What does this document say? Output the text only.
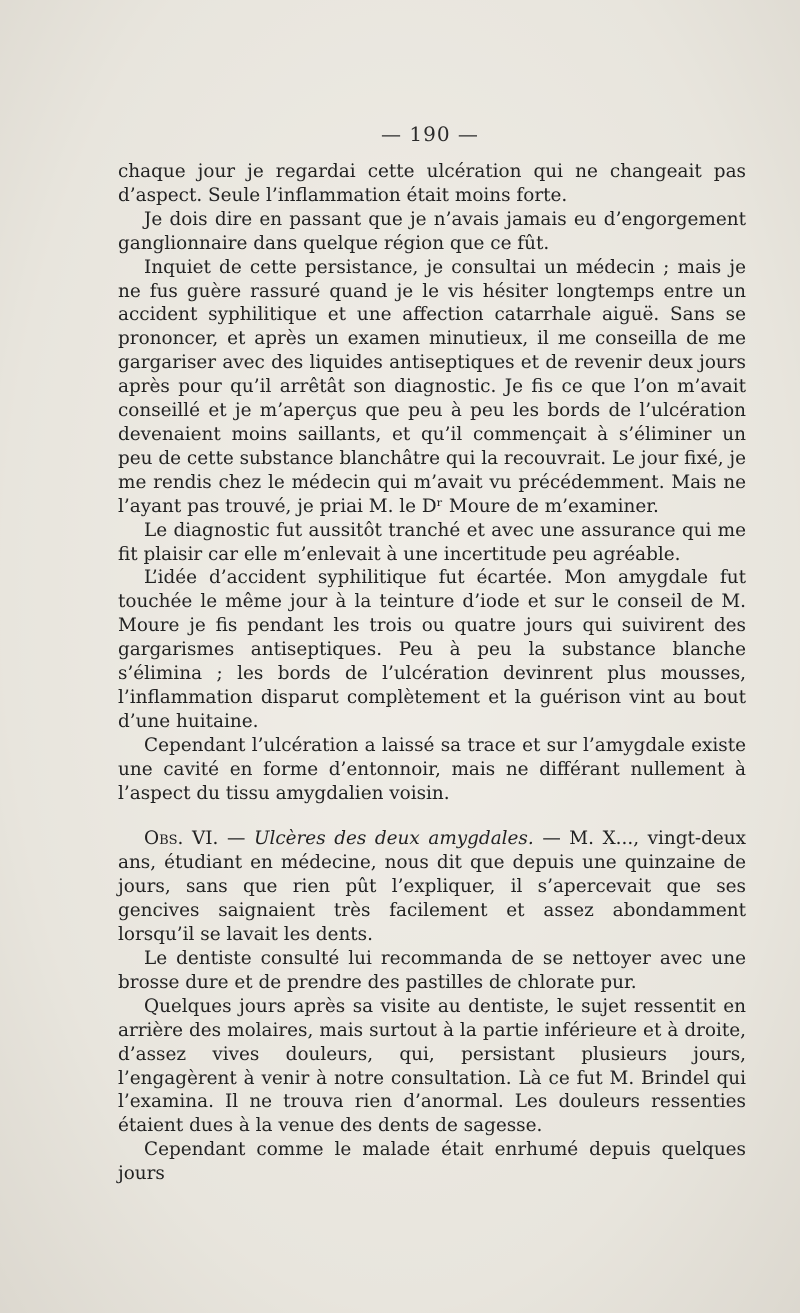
— 190 —

chaque jour je regardai cette ulcération qui ne changeait pas d’aspect. Seule l’inflammation était moins forte.

Je dois dire en passant que je n’avais jamais eu d’engorgement ganglionnaire dans quelque région que ce fût.

Inquiet de cette persistance, je consultai un médecin ; mais je ne fus guère rassuré quand je le vis hésiter longtemps entre un accident syphilitique et une affection catarrhale aiguë. Sans se prononcer, et après un examen minutieux, il me conseilla de me gargariser avec des liquides antiseptiques et de revenir deux jours après pour qu’il arrêtât son diagnostic. Je fis ce que l’on m’avait conseillé et je m’aperçus que peu à peu les bords de l’ulcération devenaient moins saillants, et qu’il commençait à s’éliminer un peu de cette substance blanchâtre qui la recouvrait. Le jour fixé, je me rendis chez le médecin qui m’avait vu précédemment. Mais ne l’ayant pas trouvé, je priai M. le Dʳ Moure de m’examiner.

Le diagnostic fut aussitôt tranché et avec une assurance qui me fit plaisir car elle m’enlevait à une incertitude peu agréable.

L’idée d’accident syphilitique fut écartée. Mon amygdale fut touchée le même jour à la teinture d’iode et sur le conseil de M. Moure je fis pendant les trois ou quatre jours qui suivirent des gargarismes antiseptiques. Peu à peu la substance blanche s’élimina ; les bords de l’ulcération devinrent plus mousses, l’inflammation disparut complètement et la guérison vint au bout d’une huitaine.

Cependant l’ulcération a laissé sa trace et sur l’amygdale existe une cavité en forme d’entonnoir, mais ne différant nullement à l’aspect du tissu amygdalien voisin.

Obs. VI. — Ulcères des deux amygdales. — M. X..., vingt-deux ans, étudiant en médecine, nous dit que depuis une quinzaine de jours, sans que rien pût l’expliquer, il s’apercevait que ses gencives saignaient très facilement et assez abondamment lorsqu’il se lavait les dents.

Le dentiste consulté lui recommanda de se nettoyer avec une brosse dure et de prendre des pastilles de chlorate pur.

Quelques jours après sa visite au dentiste, le sujet ressentit en arrière des molaires, mais surtout à la partie inférieure et à droite, d’assez vives douleurs, qui, persistant plusieurs jours, l’engagèrent à venir à notre consultation. Là ce fut M. Brindel qui l’examina. Il ne trouva rien d’anormal. Les douleurs ressenties étaient dues à la venue des dents de sagesse.

Cependant comme le malade était enrhumé depuis quelques jours
